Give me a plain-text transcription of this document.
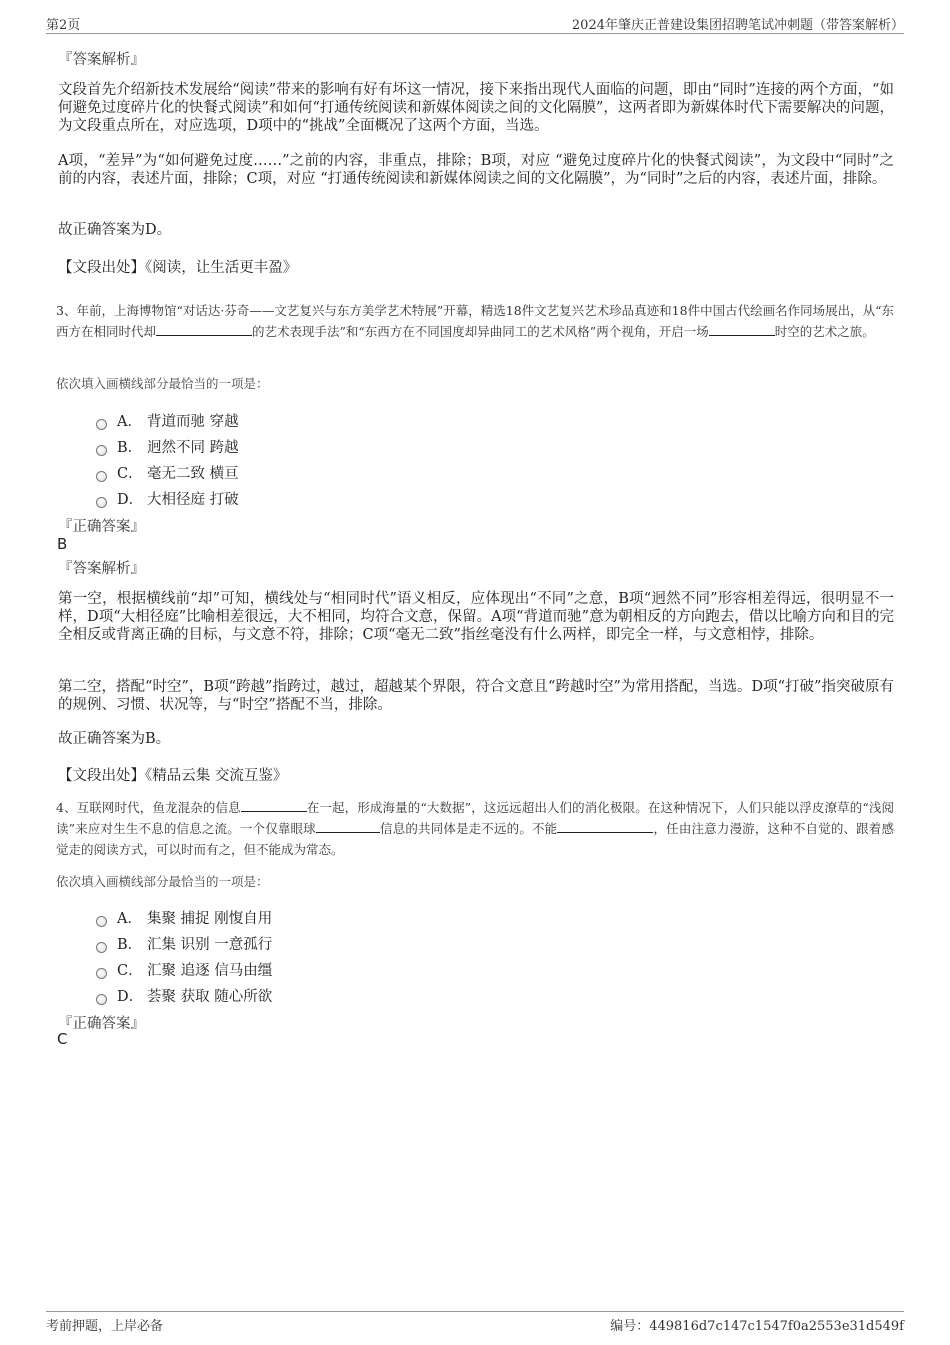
第2页	2024年肇庆正普建设集团招聘笔试冲刺题（带答案解析）
『答案解析』
文段首先介绍新技术发展给“阅读”带来的影响有好有坏这一情况，接下来指出现代人面临的问题，即由“同时”连接的两个方面，“如何避免过度碎片化的快餐式阅读”和如何“打通传统阅读和新媒体阅读之间的文化隔膜”，这两者即为新媒体时代下需要解决的问题，为文段重点所在，对应选项，D项中的“挑战”全面概况了这两个方面，当选。
A项，“差异”为“如何避免过度……”之前的内容，非重点，排除；B项，对应 “避免过度碎片化的快餐式阅读”，为文段中“同时”之前的内容，表述片面，排除；C项，对应 “打通传统阅读和新媒体阅读之间的文化隔膜”，为“同时”之后的内容，表述片面，排除。
故正确答案为D。
【文段出处】《阅读，让生活更丰盈》
3、年前，上海博物馆“对话达·芬奇——文艺复兴与东方美学艺术特展”开幕，精选18件文艺复兴艺术珍品真迹和18件中国古代绘画名作同场展出，从“东西方在相同时代却	的艺术表现手法”和“东西方在不同国度却异曲同工的艺术风格”两个视角，开启一场	时空的艺术之旅。
依次填入画横线部分最恰当的一项是：
A． 背道而驰 穿越
B． 迥然不同 跨越
C． 毫无二致 横亘
D． 大相径庭 打破
『正确答案』
B
『答案解析』
第一空，根据横线前“却”可知，横线处与“相同时代”语义相反，应体现出“不同”之意，B项“迥然不同”形容相差得远，很明显不一样，D项“大相径庭”比喻相差很远，大不相同，均符合文意，保留。A项“背道而驰”意为朝相反的方向跑去，借以比喻方向和目的完全相反或背离正确的目标，与文意不符，排除；C项“毫无二致”指丝毫没有什么两样，即完全一样，与文意相悖，排除。
第二空，搭配“时空”，B项“跨越”指跨过，越过，超越某个界限，符合文意且“跨越时空”为常用搭配，当选。D项“打破”指突破原有的规例、习惯、状况等，与“时空”搭配不当，排除。
故正确答案为B。
【文段出处】《精品云集 交流互鉴》
4、互联网时代，鱼龙混杂的信息	在一起，形成海量的“大数据”，这远远超出人们的消化极限。在这种情况下，人们只能以浮皮潦草的“浅阅读”来应对生生不息的信息之流。一个仅靠眼球	信息的共同体是走不远的。不能	，任由注意力漫游，这种不自觉的、跟着感觉走的阅读方式，可以时而有之，但不能成为常态。
依次填入画横线部分最恰当的一项是：
A． 集聚 捕捉 刚愎自用
B． 汇集 识别 一意孤行
C． 汇聚 追逐 信马由缰
D． 荟聚 获取 随心所欲
『正确答案』
C
考前押题，上岸必备	编号：449816d7c147c1547f0a2553e31d549f
